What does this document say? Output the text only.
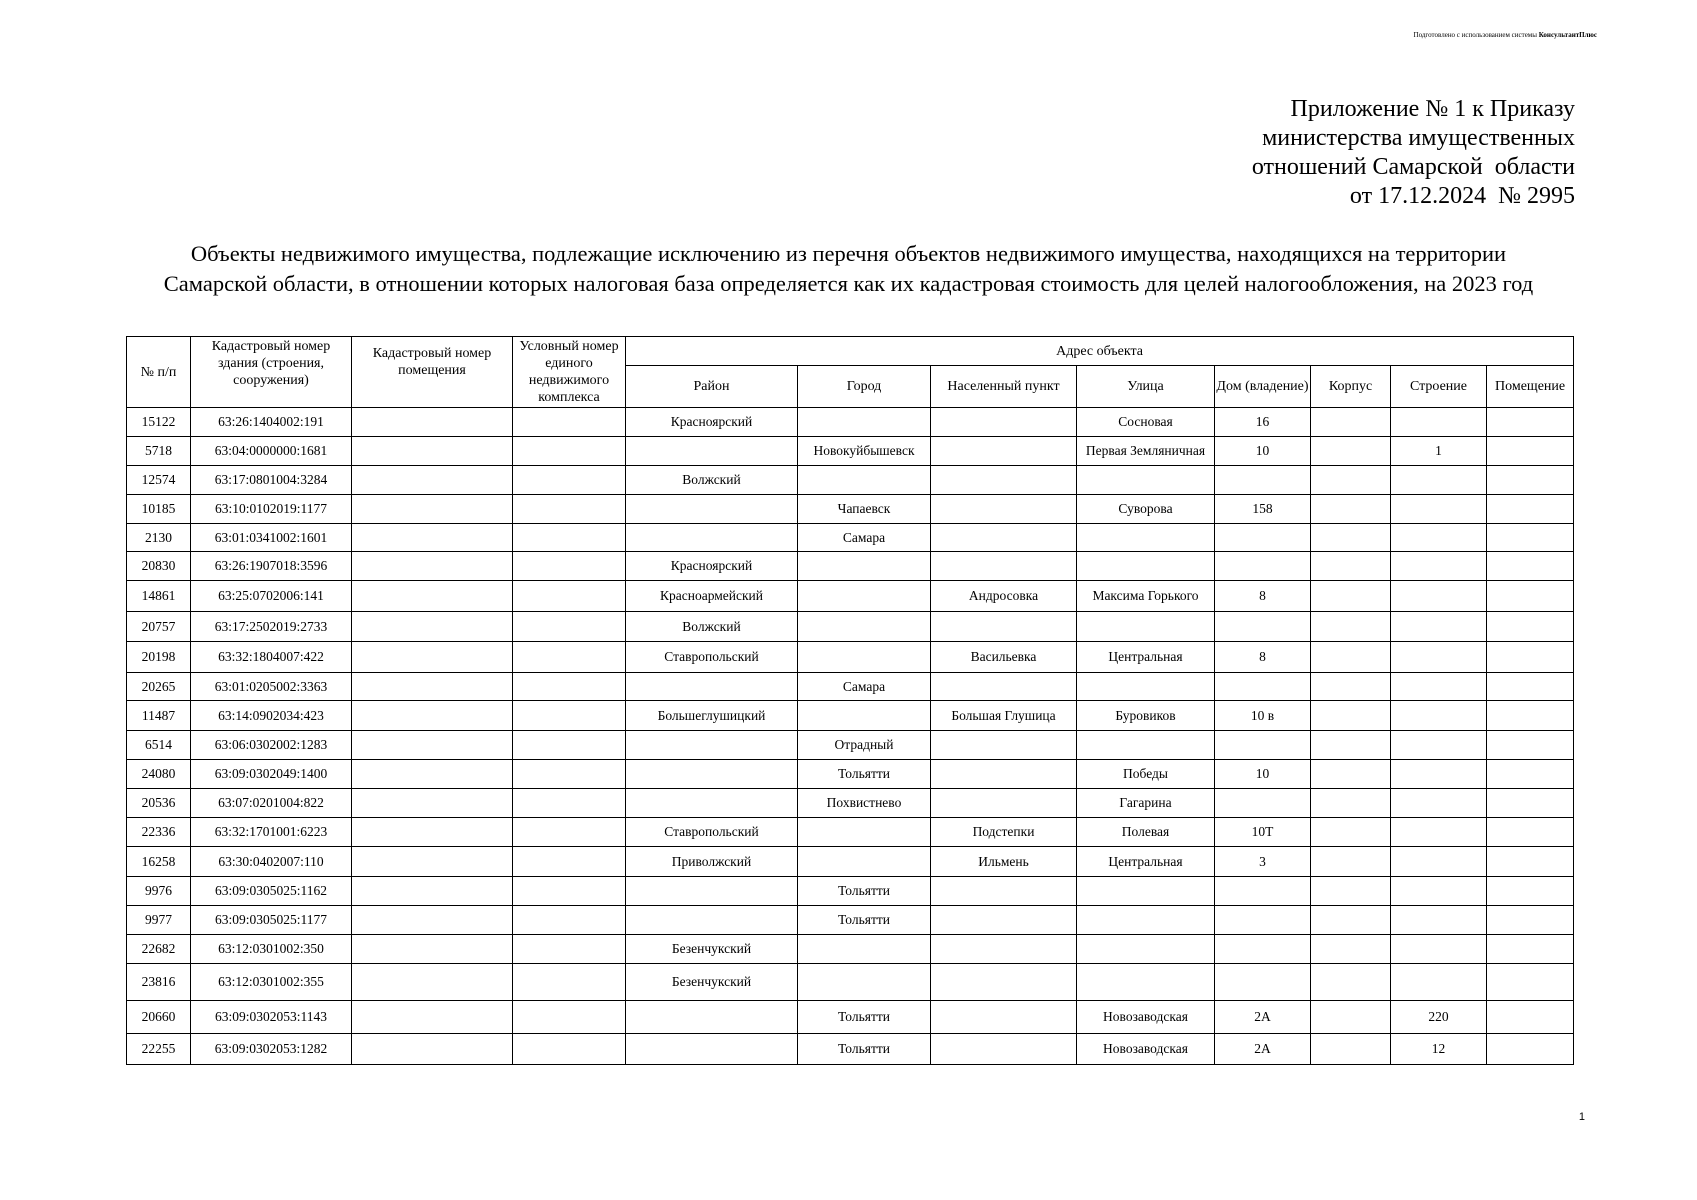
Подготовлено с использованием системы КонсультантПлюс
Приложение № 1 к Приказу
министерства имущественных
отношений Самарской  области
от 17.12.2024  № 2995
Объекты недвижимого имущества, подлежащие исключению из перечня объектов недвижимого имущества, находящихся на территории Самарской области, в отношении которых налоговая база определяется как их кадастровая стоимость для целей налогообложения, на 2023 год
№ п/п	Кадастровый номер здания (строения, сооружения)	Кадастровый номер помещения	Условный номер единого недвижимого комплекса	Адрес объекта							
				Район	Город	Населенный пункт	Улица	Дом (владение)	Корпус	Строение	Помещение
15122	63:26:1404002:191			Красноярский			Сосновая	16			
5718	63:04:0000000:1681				Новокуйбышевск		Первая Земляничная	10		1	
12574	63:17:0801004:3284			Волжский							
10185	63:10:0102019:1177				Чапаевск		Суворова	158			
2130	63:01:0341002:1601				Самара						
20830	63:26:1907018:3596			Красноярский							
14861	63:25:0702006:141			Красноармейский		Андросовка	Максима Горького	8			
20757	63:17:2502019:2733			Волжский							
20198	63:32:1804007:422			Ставропольский		Васильевка	Центральная	8			
20265	63:01:0205002:3363				Самара						
11487	63:14:0902034:423			Большеглушицкий		Большая Глушица	Буровиков	10 в			
6514	63:06:0302002:1283				Отрадный						
24080	63:09:0302049:1400				Тольятти		Победы	10			
20536	63:07:0201004:822				Похвистнево		Гагарина				
22336	63:32:1701001:6223			Ставропольский		Подстепки	Полевая	10Т			
16258	63:30:0402007:110			Приволжский		Ильмень	Центральная	3			
9976	63:09:0305025:1162				Тольятти						
9977	63:09:0305025:1177				Тольятти						
22682	63:12:0301002:350			Безенчукский							
23816	63:12:0301002:355			Безенчукский							
20660	63:09:0302053:1143				Тольятти		Новозаводская	2А		220	
22255	63:09:0302053:1282				Тольятти		Новозаводская	2А		12	
1
